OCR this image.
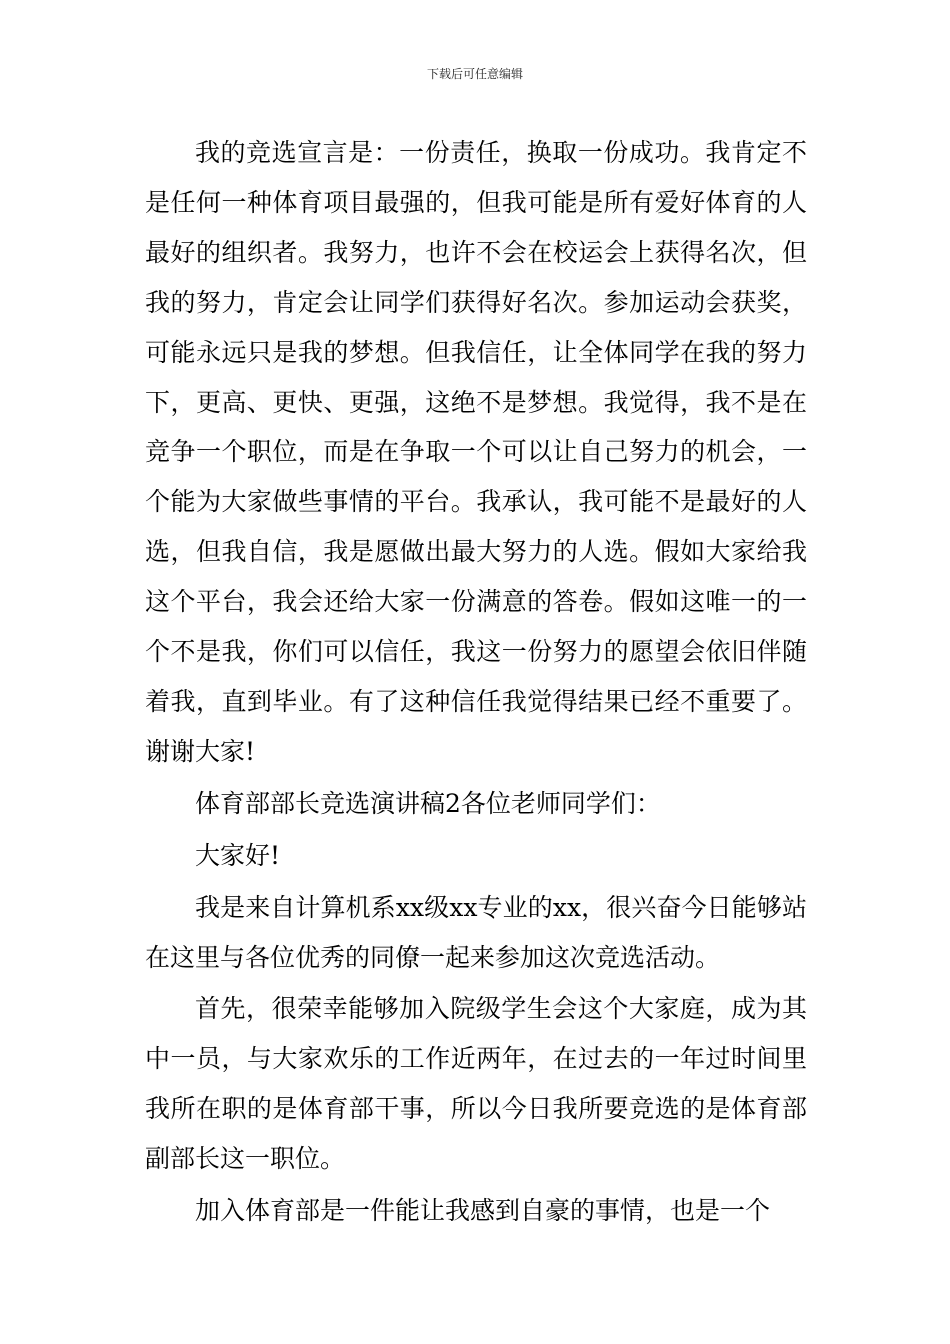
下载后可任意编辑

我的竞选宣言是：一份责任，换取一份成功。我肯定不是任何一种体育项目最强的，但我可能是所有爱好体育的人最好的组织者。我努力，也许不会在校运会上获得名次，但我的努力，肯定会让同学们获得好名次。参加运动会获奖，可能永远只是我的梦想。但我信任，让全体同学在我的努力下，更高、更快、更强，这绝不是梦想。我觉得，我不是在竞争一个职位，而是在争取一个可以让自己努力的机会，一个能为大家做些事情的平台。我承认，我可能不是最好的人选，但我自信，我是愿做出最大努力的人选。假如大家给我这个平台，我会还给大家一份满意的答卷。假如这唯一的一个不是我，你们可以信任，我这一份努力的愿望会依旧伴随着我，直到毕业。有了这种信任我觉得结果已经不重要了。谢谢大家!

体育部部长竞选演讲稿2各位老师同学们：

大家好!

我是来自计算机系xx级xx专业的xx，很兴奋今日能够站在这里与各位优秀的同僚一起来参加这次竞选活动。

首先，很荣幸能够加入院级学生会这个大家庭，成为其中一员，与大家欢乐的工作近两年，在过去的一年过时间里我所在职的是体育部干事，所以今日我所要竞选的是体育部副部长这一职位。

加入体育部是一件能让我感到自豪的事情，也是一个
